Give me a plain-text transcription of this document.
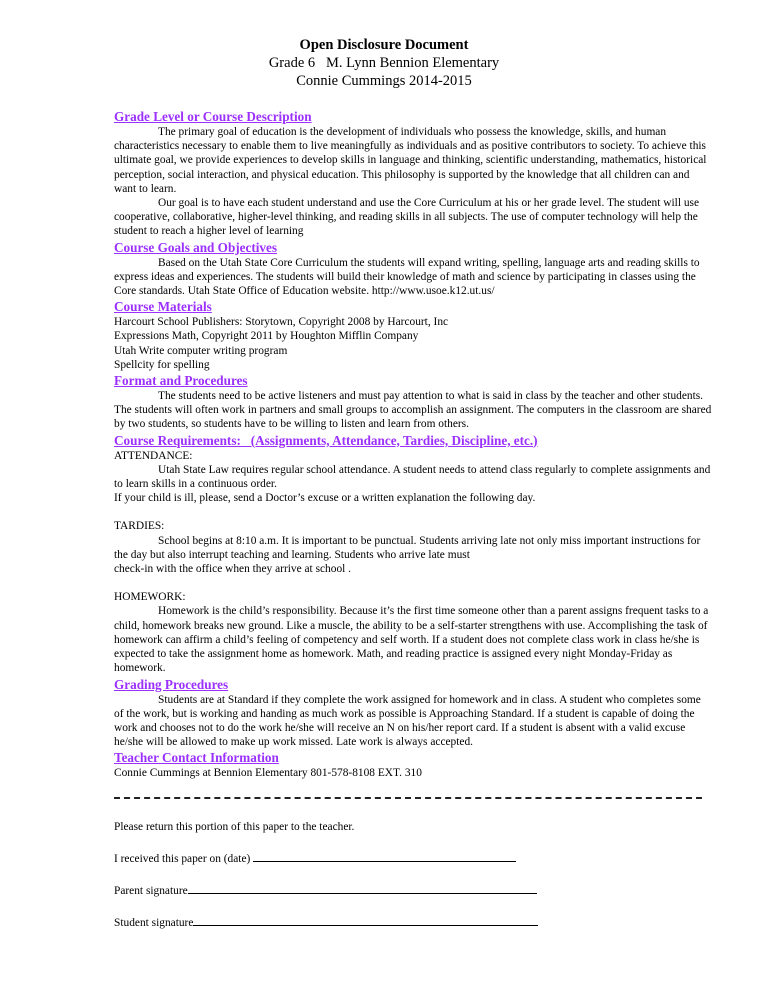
Open Disclosure Document
Grade 6   M. Lynn Bennion Elementary
Connie Cummings 2014-2015
Grade Level or Course Description

The primary goal of education is the development of individuals who possess the knowledge, skills, and human characteristics necessary to enable them to live meaningfully as individuals and as positive contributors to society. To achieve this ultimate goal, we provide experiences to develop skills in language and thinking, scientific understanding, mathematics, historical perception, social interaction, and physical education. This philosophy is supported by the knowledge that all children can and want to learn.

Our goal is to have each student understand and use the Core Curriculum at his or her grade level. The student will use cooperative, collaborative, higher-level thinking, and reading skills in all subjects. The use of computer technology will help the student to reach a higher level of learning

Course Goals and Objectives

Based on the Utah State Core Curriculum the students will expand writing, spelling, language arts and reading skills to express ideas and experiences. The students will build their knowledge of math and science by participating in classes using the Core standards. Utah State Office of Education website. http://www.usoe.k12.ut.us/

Course Materials
Harcourt School Publishers: Storytown, Copyright 2008 by Harcourt, Inc
Expressions Math, Copyright 2011 by Houghton Mifflin Company
Utah Write computer writing program
Spellcity for spelling
Format and Procedures

The students need to be active listeners and must pay attention to what is said in class by the teacher and other students. The students will often work in partners and small groups to accomplish an assignment. The computers in the classroom are shared by two students, so students have to be willing to listen and learn from others.

Course Requirements:   (Assignments, Attendance, Tardies, Discipline, etc.)
ATTENDANCE:

Utah State Law requires regular school attendance. A student needs to attend class regularly to complete assignments and to learn skills in a continuous order.

If your child is ill, please, send a Doctor’s excuse or a written explanation the following day.

TARDIES:

School begins at 8:10 a.m. It is important to be punctual. Students arriving late not only miss important instructions for the day but also interrupt teaching and learning. Students who arrive late must

check-in with the office when they arrive at school .

HOMEWORK:

Homework is the child’s responsibility. Because it’s the first time someone other than a parent assigns frequent tasks to a child, homework breaks new ground. Like a muscle, the ability to be a self-starter strengthens with use. Accomplishing the task of homework can affirm a child’s feeling of competency and self worth. If a student does not complete class work in class he/she is expected to take the assignment home as homework. Math, and reading practice is assigned every night Monday-Friday as homework.

Grading Procedures

Students are at Standard if they complete the work assigned for homework and in class. A student who completes some of the work, but is working and handing as much work as possible is Approaching Standard. If a student is capable of doing the work and chooses not to do the work he/she will receive an N on his/her report card. If a student is absent with a valid excuse he/she will be allowed to make up work missed. Late work is always accepted.

Teacher Contact Information
Connie Cummings at Bennion Elementary 801-578-8108 EXT. 310
Please return this portion of this paper to the teacher.
I received this paper on (date)
Parent signature
Student signature
